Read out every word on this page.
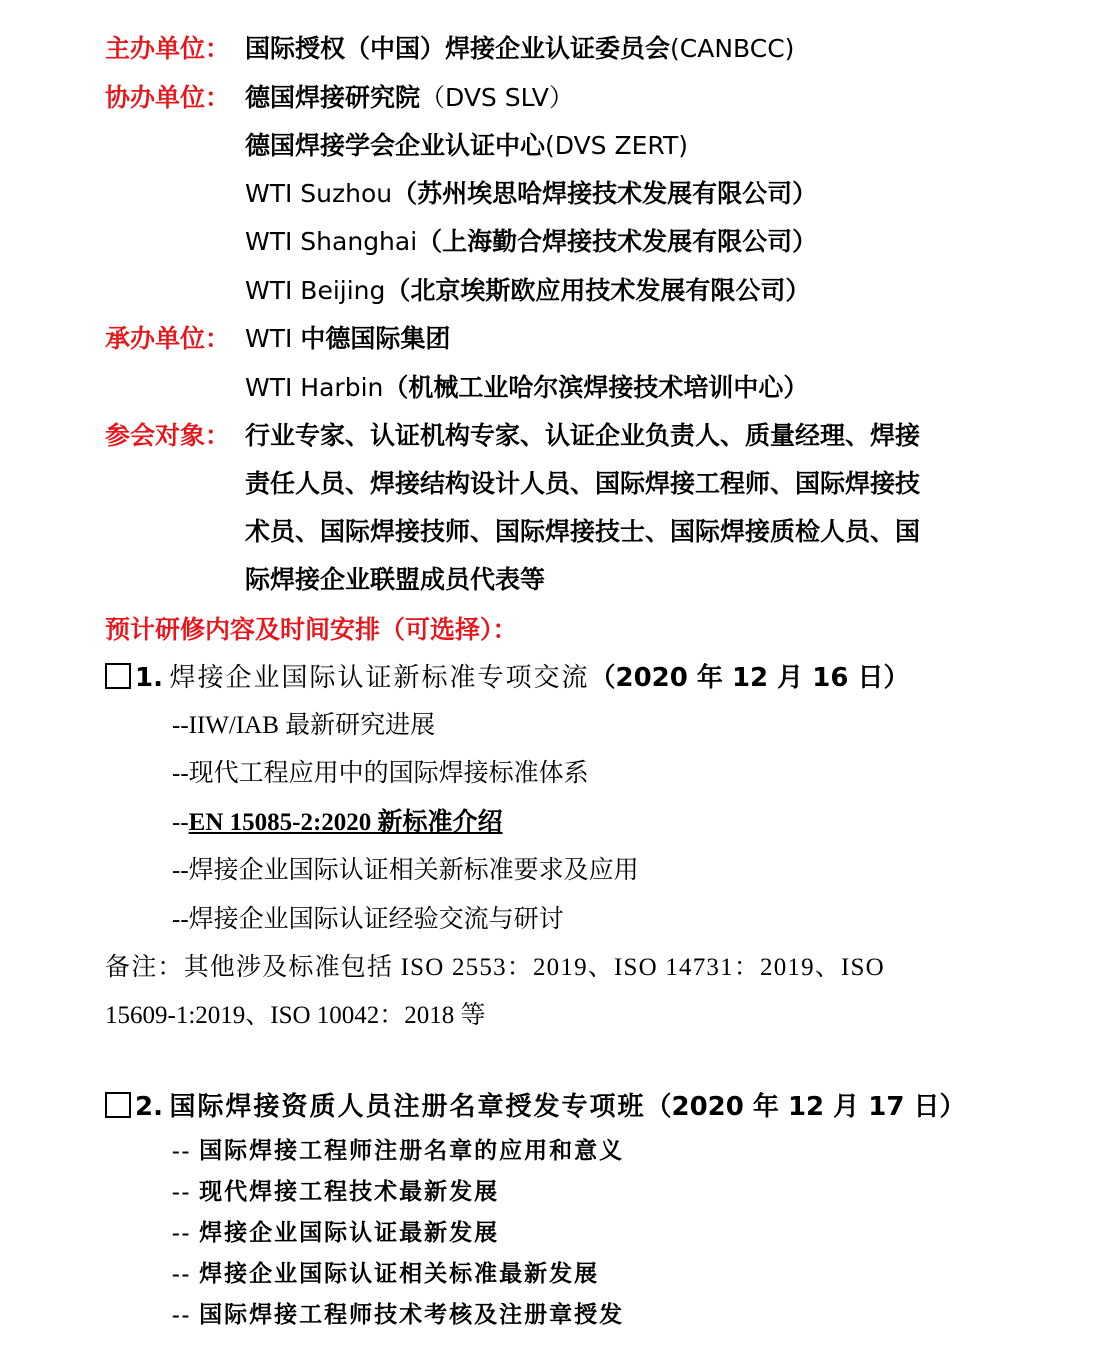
主办单位： 国际授权（中国）焊接企业认证委员会(CANBCC)
协办单位： 德国焊接研究院（DVS SLV）
德国焊接学会企业认证中心(DVS ZERT)
WTI Suzhou（苏州埃思哈焊接技术发展有限公司）
WTI Shanghai（上海勤合焊接技术发展有限公司）
WTI Beijing（北京埃斯欧应用技术发展有限公司）
承办单位： WTI 中德国际集团
WTI Harbin（机械工业哈尔滨焊接技术培训中心）
参会对象： 行业专家、认证机构专家、认证企业负责人、质量经理、焊接
责任人员、焊接结构设计人员、国际焊接工程师、国际焊接技
术员、国际焊接技师、国际焊接技士、国际焊接质检人员、国
际焊接企业联盟成员代表等
预计研修内容及时间安排（可选择）：
1. 焊接企业国际认证新标准专项交流（2020 年 12 月 16 日）
--IIW/IAB 最新研究进展
--现代工程应用中的国际焊接标准体系
--EN 15085-2:2020 新标准介绍
--焊接企业国际认证相关新标准要求及应用
--焊接企业国际认证经验交流与研讨
备注：其他涉及标准包括 ISO 2553：2019、ISO 14731：2019、ISO
15609-1:2019、ISO 10042：2018 等
2. 国际焊接资质人员注册名章授发专项班（2020 年 12 月 17 日）
-- 国际焊接工程师注册名章的应用和意义
-- 现代焊接工程技术最新发展
-- 焊接企业国际认证最新发展
-- 焊接企业国际认证相关标准最新发展
-- 国际焊接工程师技术考核及注册章授发
